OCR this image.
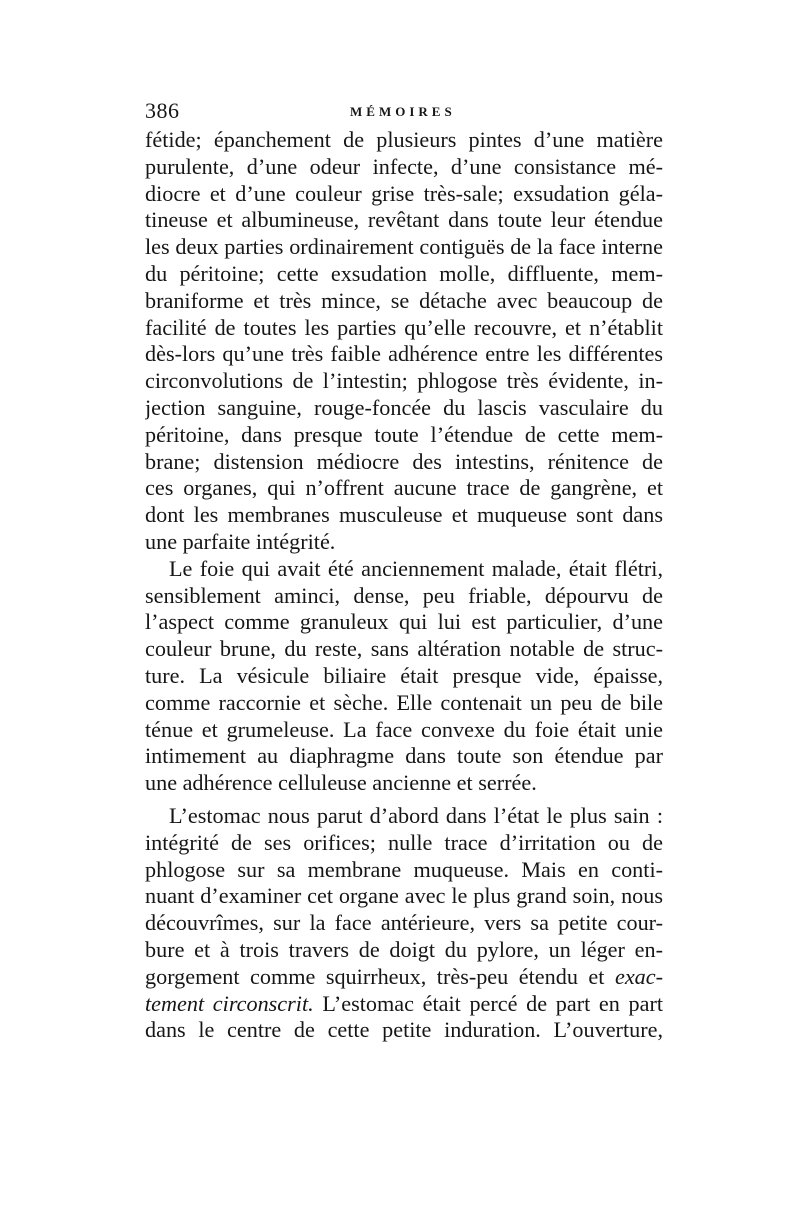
386	MÉMOIRES
fétide; épanchement de plusieurs pintes d’une matière
purulente, d’une odeur infecte, d’une consistance mé-
diocre et d’une couleur grise très-sale; exsudation géla-
tineuse et albumineuse, revêtant dans toute leur étendue
les deux parties ordinairement contiguës de la face interne
du péritoine; cette exsudation molle, diffluente, mem-
braniforme et très mince, se détache avec beaucoup de
facilité de toutes les parties qu’elle recouvre, et n’établit
dès-lors qu’une très faible adhérence entre les différentes
circonvolutions de l’intestin; phlogose très évidente, in-
jection sanguine, rouge-foncée du lascis vasculaire du
péritoine, dans presque toute l’étendue de cette mem-
brane; distension médiocre des intestins, rénitence de
ces organes, qui n’offrent aucune trace de gangrène, et
dont les membranes musculeuse et muqueuse sont dans
une parfaite intégrité.
Le foie qui avait été anciennement malade, était flétri,
sensiblement aminci, dense, peu friable, dépourvu de
l’aspect comme granuleux qui lui est particulier, d’une
couleur brune, du reste, sans altération notable de struc-
ture. La vésicule biliaire était presque vide, épaisse,
comme raccornie et sèche. Elle contenait un peu de bile
ténue et grumeleuse. La face convexe du foie était unie
intimement au diaphragme dans toute son étendue par
une adhérence celluleuse ancienne et serrée.
L’estomac nous parut d’abord dans l’état le plus sain :
intégrité de ses orifices; nulle trace d’irritation ou de
phlogose sur sa membrane muqueuse. Mais en conti-
nuant d’examiner cet organe avec le plus grand soin, nous
découvrîmes, sur la face antérieure, vers sa petite cour-
bure et à trois travers de doigt du pylore, un léger en-
gorgement comme squirrheux, très-peu étendu et exac-
tement circonscrit. L’estomac était percé de part en part
dans le centre de cette petite induration. L’ouverture,
